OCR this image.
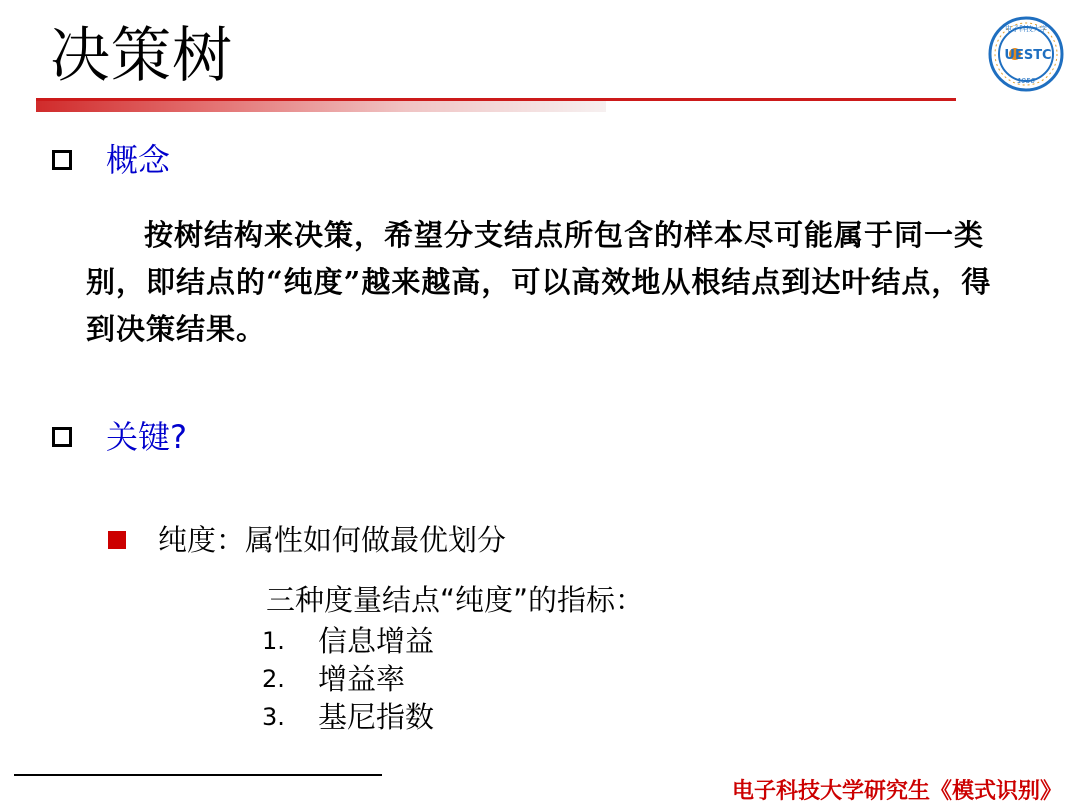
决策树	UESTC
1956
电子科技大学
概念
按树结构来决策，希望分支结点所包含的样本尽可能属于同一类别，即结点的“纯度”越来越高，可以高效地从根结点到达叶结点，得到决策结果。
关键?
纯度：属性如何做最优划分
三种度量结点“纯度”的指标：
1.	信息增益
2.	增益率
3.	基尼指数
电子科技大学研究生《模式识别》
